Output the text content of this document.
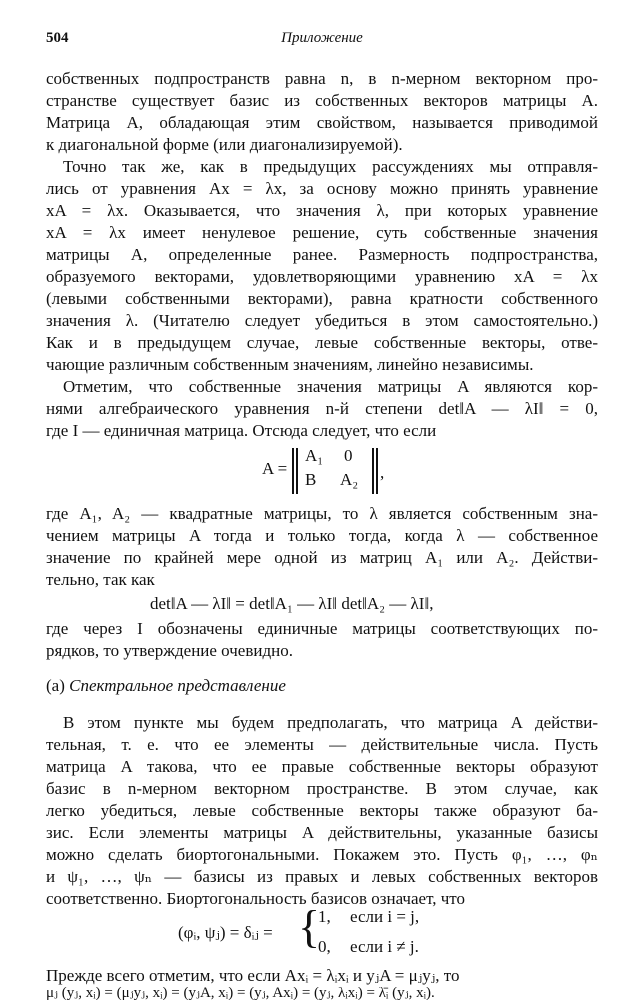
504	Приложение
собственных подпространств равна n, в n-мерном векторном про-
странстве существует базис из собственных векторов матрицы A.
Матрица A, обладающая этим свойством, называется приводимой
к диагональной форме (или диагонализируемой).
Точно так же, как в предыдущих рассуждениях мы отправля-
лись от уравнения Ax = λx, за основу можно принять уравнение
xA = λx. Оказывается, что значения λ, при которых уравнение
xA = λx имеет ненулевое решение, суть собственные значения
матрицы A, определенные ранее. Размерность подпространства,
образуемого векторами, удовлетворяющими уравнению xA = λx
(левыми собственными векторами), равна кратности собственного
значения λ. (Читателю следует убедиться в этом самостоятельно.)
Как и в предыдущем случае, левые собственные векторы, отве-
чающие различным собственным значениям, линейно независимы.
Отметим, что собственные значения матрицы A являются кор-
нями алгебраического уравнения n-й степени det‖A — λI‖ = 0,
где I — единичная матрица. Отсюда следует, что если
A =
A₁ 0
B A₂ ,
где A₁, A₂ — квадратные матрицы, то λ является собственным зна-
чением матрицы A тогда и только тогда, когда λ — собственное
значение по крайней мере одной из матриц A₁ или A₂. Действи-
тельно, так как
det‖A — λI‖ = det‖A₁ — λI‖ det‖A₂ — λI‖,
где через I обозначены единичные матрицы соответствующих по-
рядков, то утверждение очевидно.
(a) Спектральное представление
В этом пункте мы будем предполагать, что матрица A действи-
тельная, т. е. что ее элементы — действительные числа. Пусть
матрица A такова, что ее правые собственные векторы образуют
базис в n-мерном векторном пространстве. В этом случае, как
легко убедиться, левые собственные векторы также образуют ба-
зис. Если элементы матрицы A действительны, указанные базисы
можно сделать биортогональными. Покажем это. Пусть φ₁, …, φₙ
и ψ₁, …, ψₙ — базисы из правых и левых собственных векторов
соответственно. Биортогональность базисов означает, что
(φᵢ, ψⱼ) = δᵢⱼ = {
1, если i = j,
0, если i ≠ j.
Прежде всего отметим, что если Axᵢ = λᵢxᵢ и yⱼA = μⱼyⱼ, то
μⱼ (yⱼ, xᵢ) = (μⱼyⱼ, xᵢ) = (yⱼA, xᵢ) = (yⱼ, Axᵢ) = (yⱼ, λᵢxᵢ) = λ̄ᵢ (yⱼ, xᵢ).
